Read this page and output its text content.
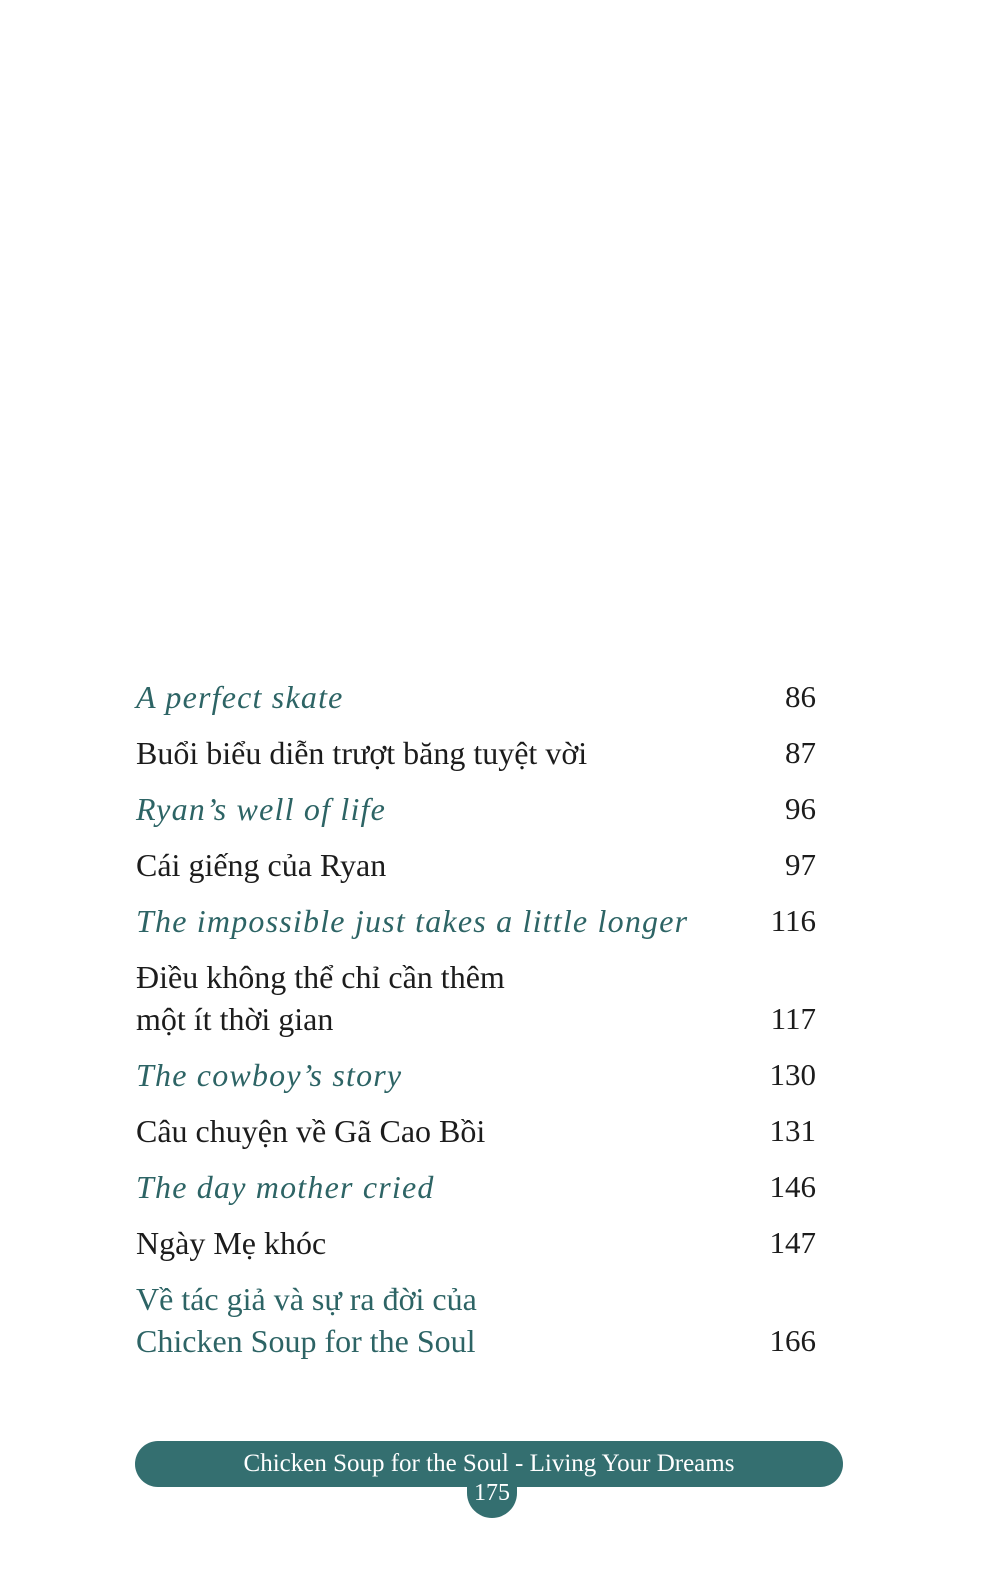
A perfect skate	86
Buổi biểu diễn trượt băng tuyệt vời	87
Ryan’s well of life	96
Cái giếng của Ryan	97
The impossible just takes a little longer	116
Điều không thể chỉ cần thêm
một ít thời gian	117
The cowboy’s story	130
Câu chuyện về Gã Cao Bồi	131
The day mother cried	146
Ngày Mẹ khóc	147
Về tác giả và sự ra đời của
Chicken Soup for the Soul	166
Chicken Soup for the Soul - Living Your Dreams
175
